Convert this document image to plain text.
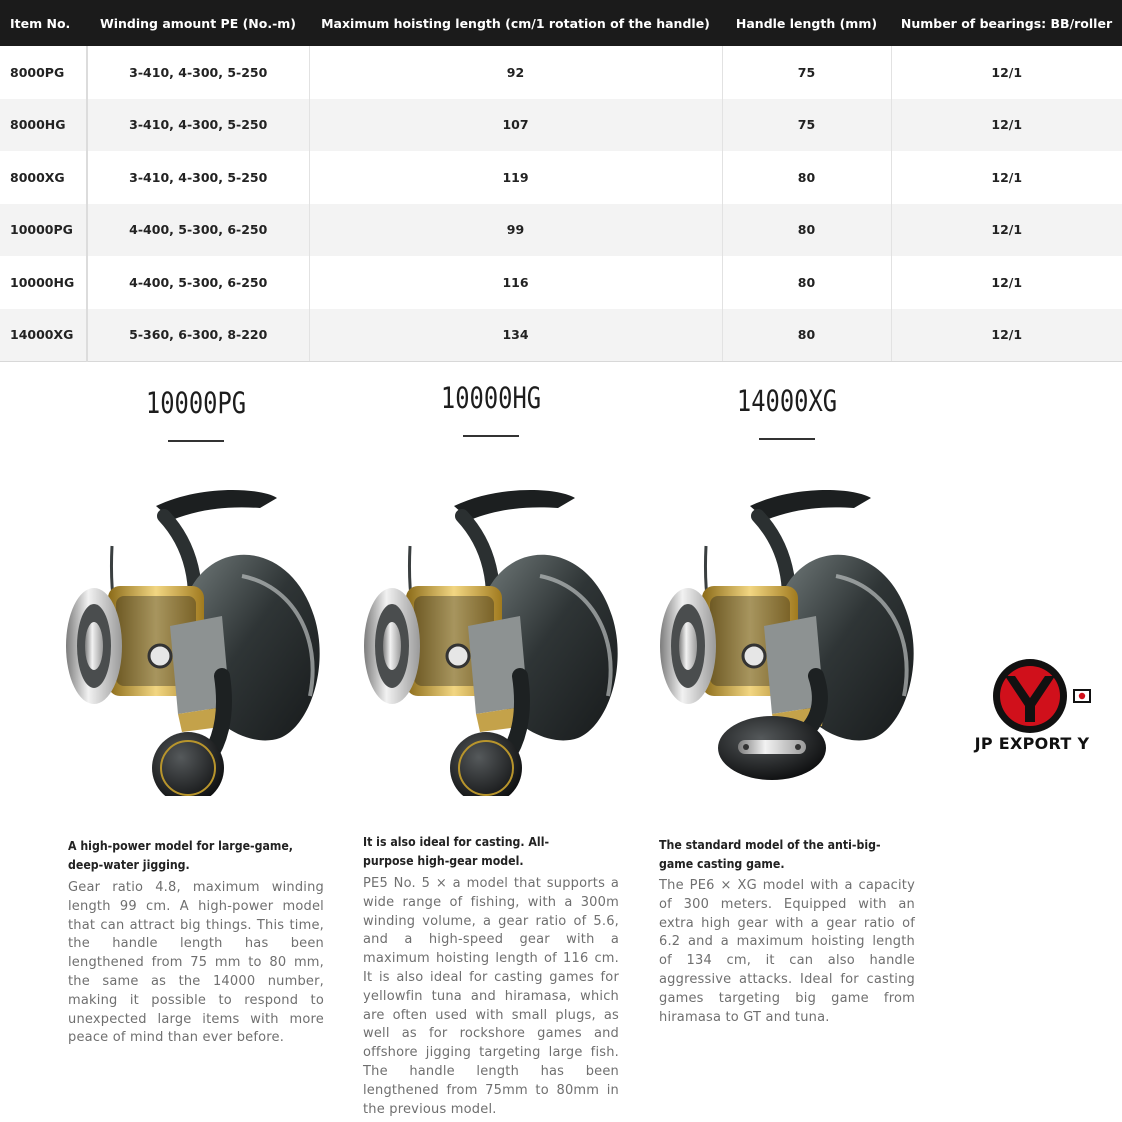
Item No.	Winding amount PE (No.-m)	Maximum hoisting length (cm/1 rotation of the handle)	Handle length (mm)	Number of bearings: BB/roller
8000PG	3-410, 4-300, 5-250	92	75	12/1
8000HG	3-410, 4-300, 5-250	107	75	12/1
8000XG	3-410, 4-300, 5-250	119	80	12/1
10000PG	4-400, 5-300, 6-250	99	80	12/1
10000HG	4-400, 5-300, 6-250	116	80	12/1
14000XG	5-360, 6-300, 8-220	134	80	12/1
10000PG
A high-power model for large-game, deep-water jigging.
Gear ratio 4.8, maximum winding length 99 cm. A high-power model that can attract big things. This time, the handle length has been lengthened from 75 mm to 80 mm, the same as the 14000 number, making it possible to respond to unexpected large items with more peace of mind than ever before.
10000HG
It is also ideal for casting. All-purpose high-gear model.
PE5 No. 5 × a model that supports a wide range of fishing, with a 300m winding volume, a gear ratio of 5.6, and a high-speed gear with a maximum hoisting length of 116 cm. It is also ideal for casting games for yellowfin tuna and hiramasa, which are often used with small plugs, as well as for rockshore games and offshore jigging targeting large fish. The handle length has been lengthened from 75mm to 80mm in the previous model.
14000XG
The standard model of the anti-big-game casting game.
The PE6 × XG model with a capacity of 300 meters. Equipped with an extra high gear with a gear ratio of 6.2 and a maximum hoisting length of 134 cm, it can also handle aggressive attacks. Ideal for casting games targeting big game from hiramasa to GT and tuna.
JP EXPORT Y
